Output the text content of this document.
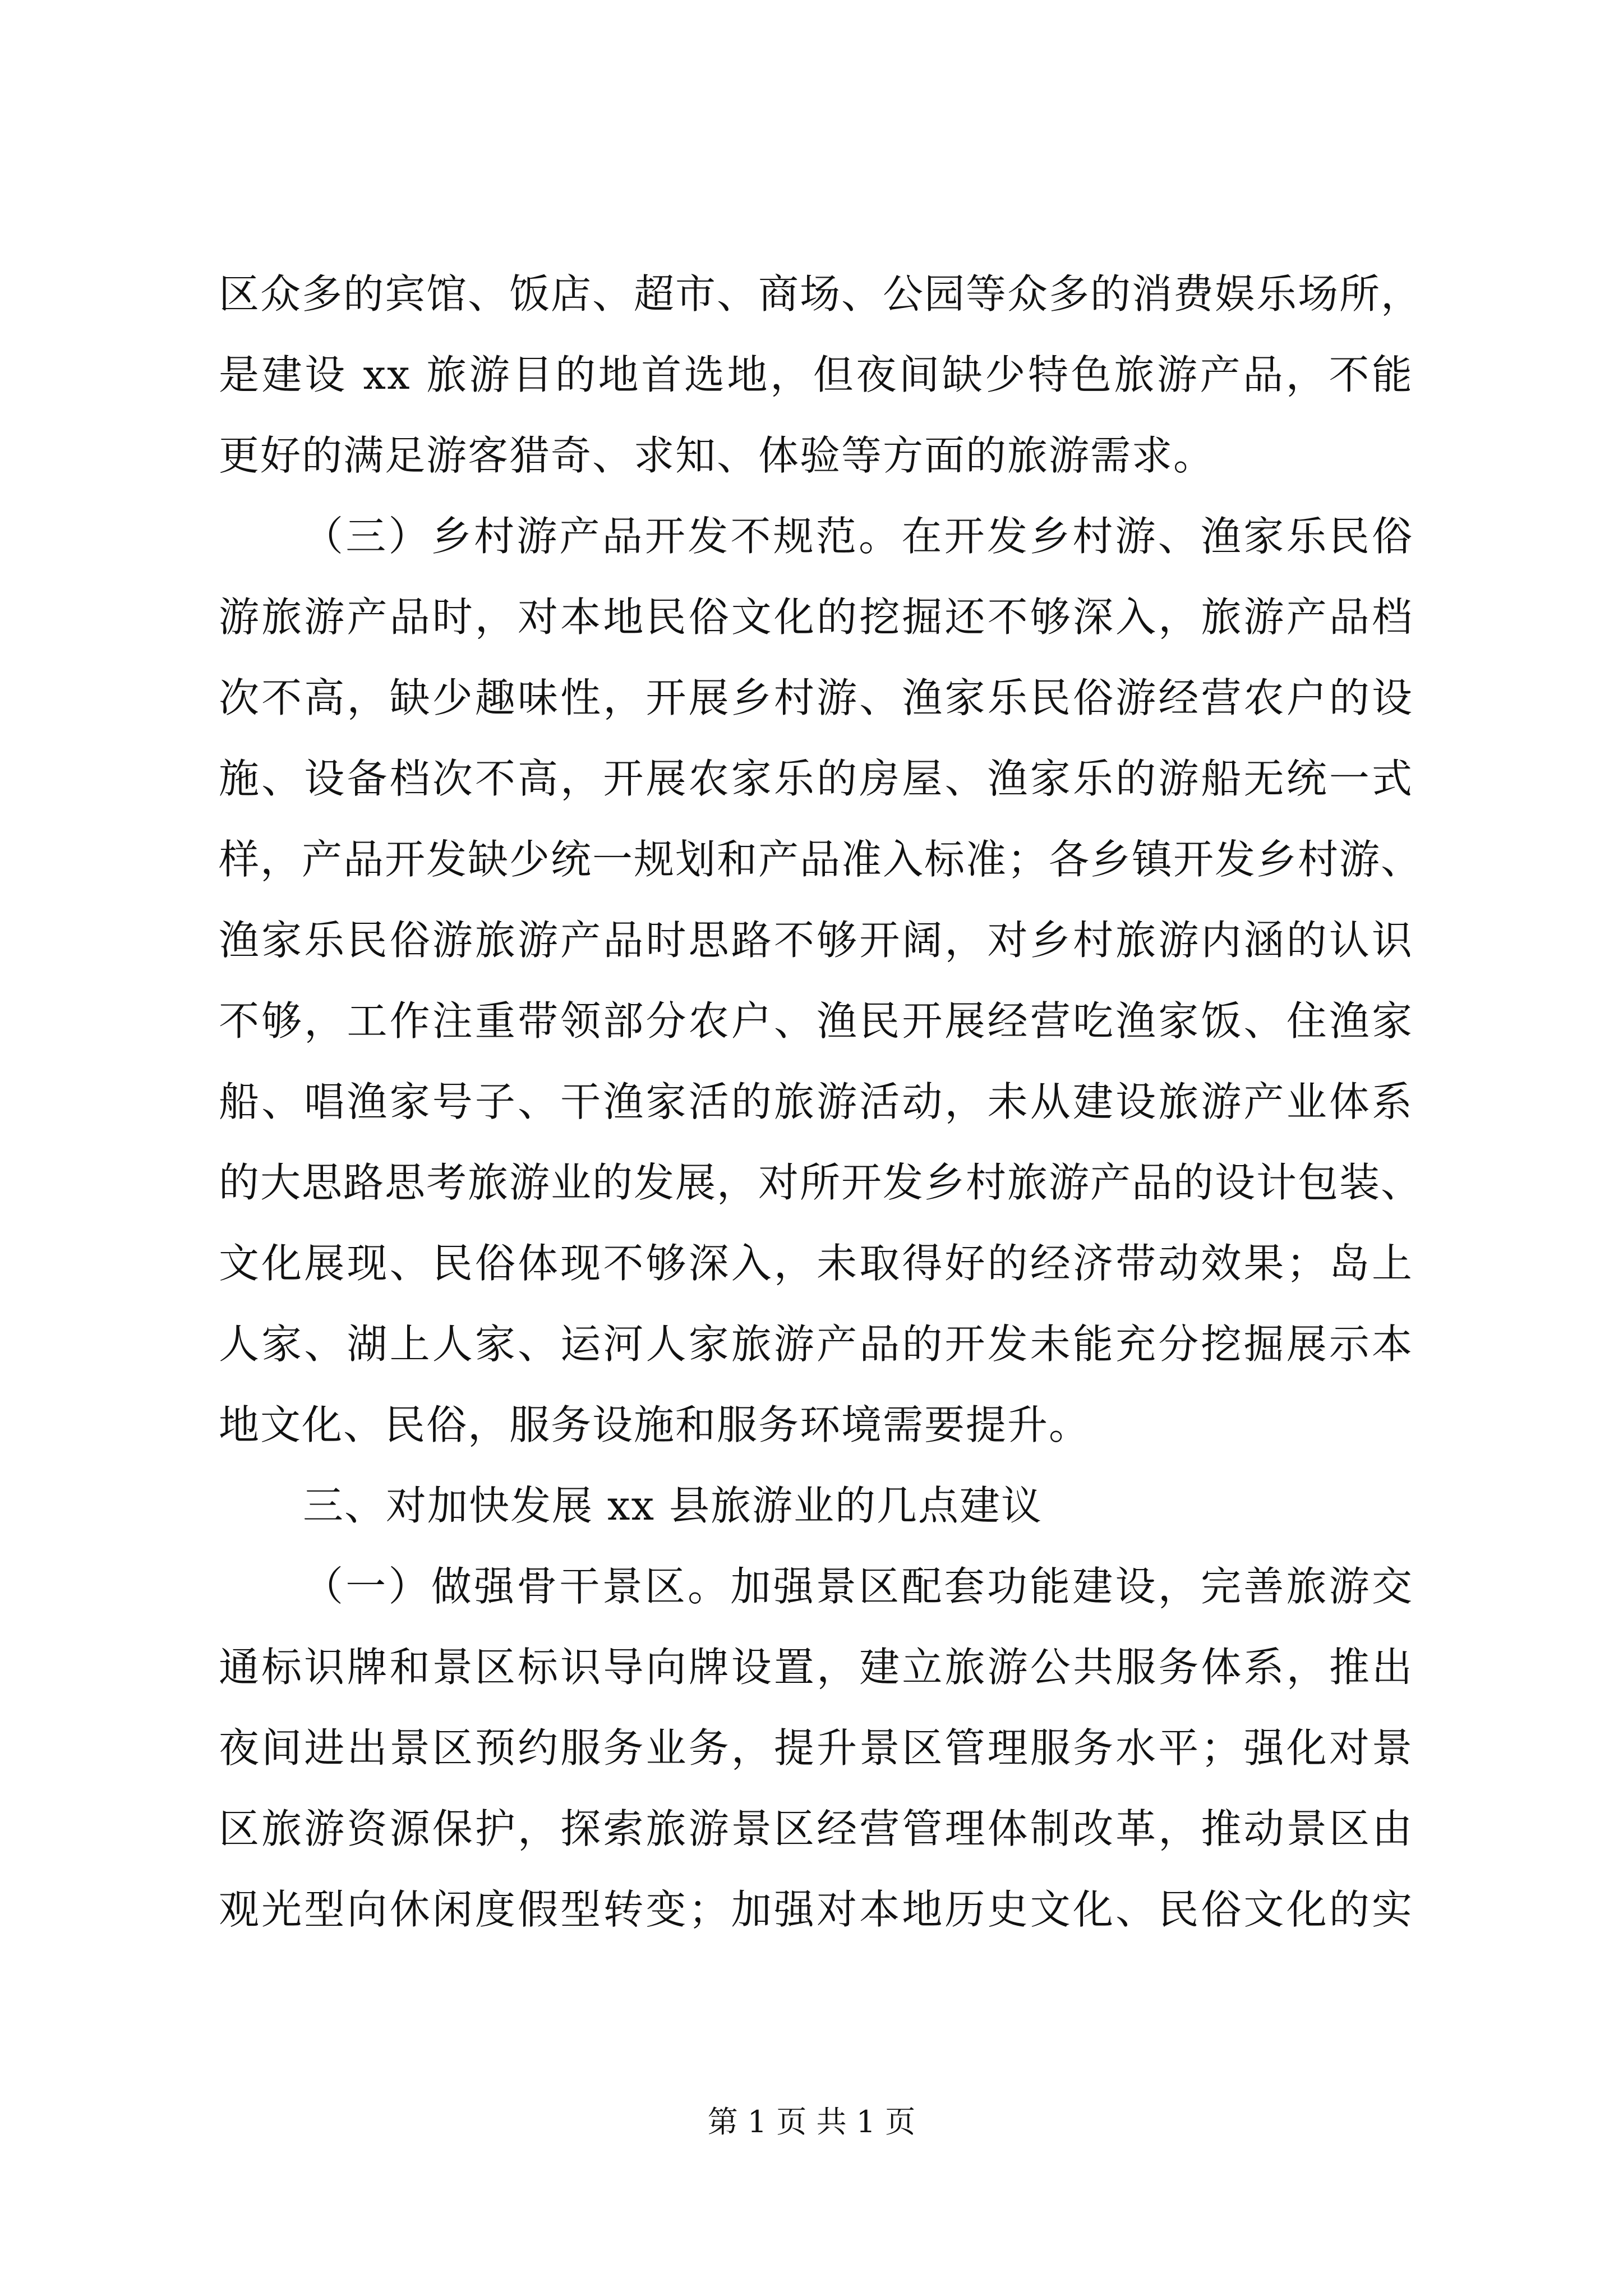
区众多的宾馆、饭店、超市、商场、公园等众多的消费娱乐场所，
是建设 xx 旅游目的地首选地，但夜间缺少特色旅游产品，不能
更好的满足游客猎奇、求知、体验等方面的旅游需求。
（三）乡村游产品开发不规范。在开发乡村游、渔家乐民俗
游旅游产品时，对本地民俗文化的挖掘还不够深入，旅游产品档
次不高，缺少趣味性，开展乡村游、渔家乐民俗游经营农户的设
施、设备档次不高，开展农家乐的房屋、渔家乐的游船无统一式
样，产品开发缺少统一规划和产品准入标准；各乡镇开发乡村游、
渔家乐民俗游旅游产品时思路不够开阔，对乡村旅游内涵的认识
不够，工作注重带领部分农户、渔民开展经营吃渔家饭、住渔家
船、唱渔家号子、干渔家活的旅游活动，未从建设旅游产业体系
的大思路思考旅游业的发展，对所开发乡村旅游产品的设计包装、
文化展现、民俗体现不够深入，未取得好的经济带动效果；岛上
人家、湖上人家、运河人家旅游产品的开发未能充分挖掘展示本
地文化、民俗，服务设施和服务环境需要提升。
三、对加快发展 xx 县旅游业的几点建议
（一）做强骨干景区。加强景区配套功能建设，完善旅游交
通标识牌和景区标识导向牌设置，建立旅游公共服务体系，推出
夜间进出景区预约服务业务，提升景区管理服务水平；强化对景
区旅游资源保护，探索旅游景区经营管理体制改革，推动景区由
观光型向休闲度假型转变；加强对本地历史文化、民俗文化的实
第 1 页 共 1 页
